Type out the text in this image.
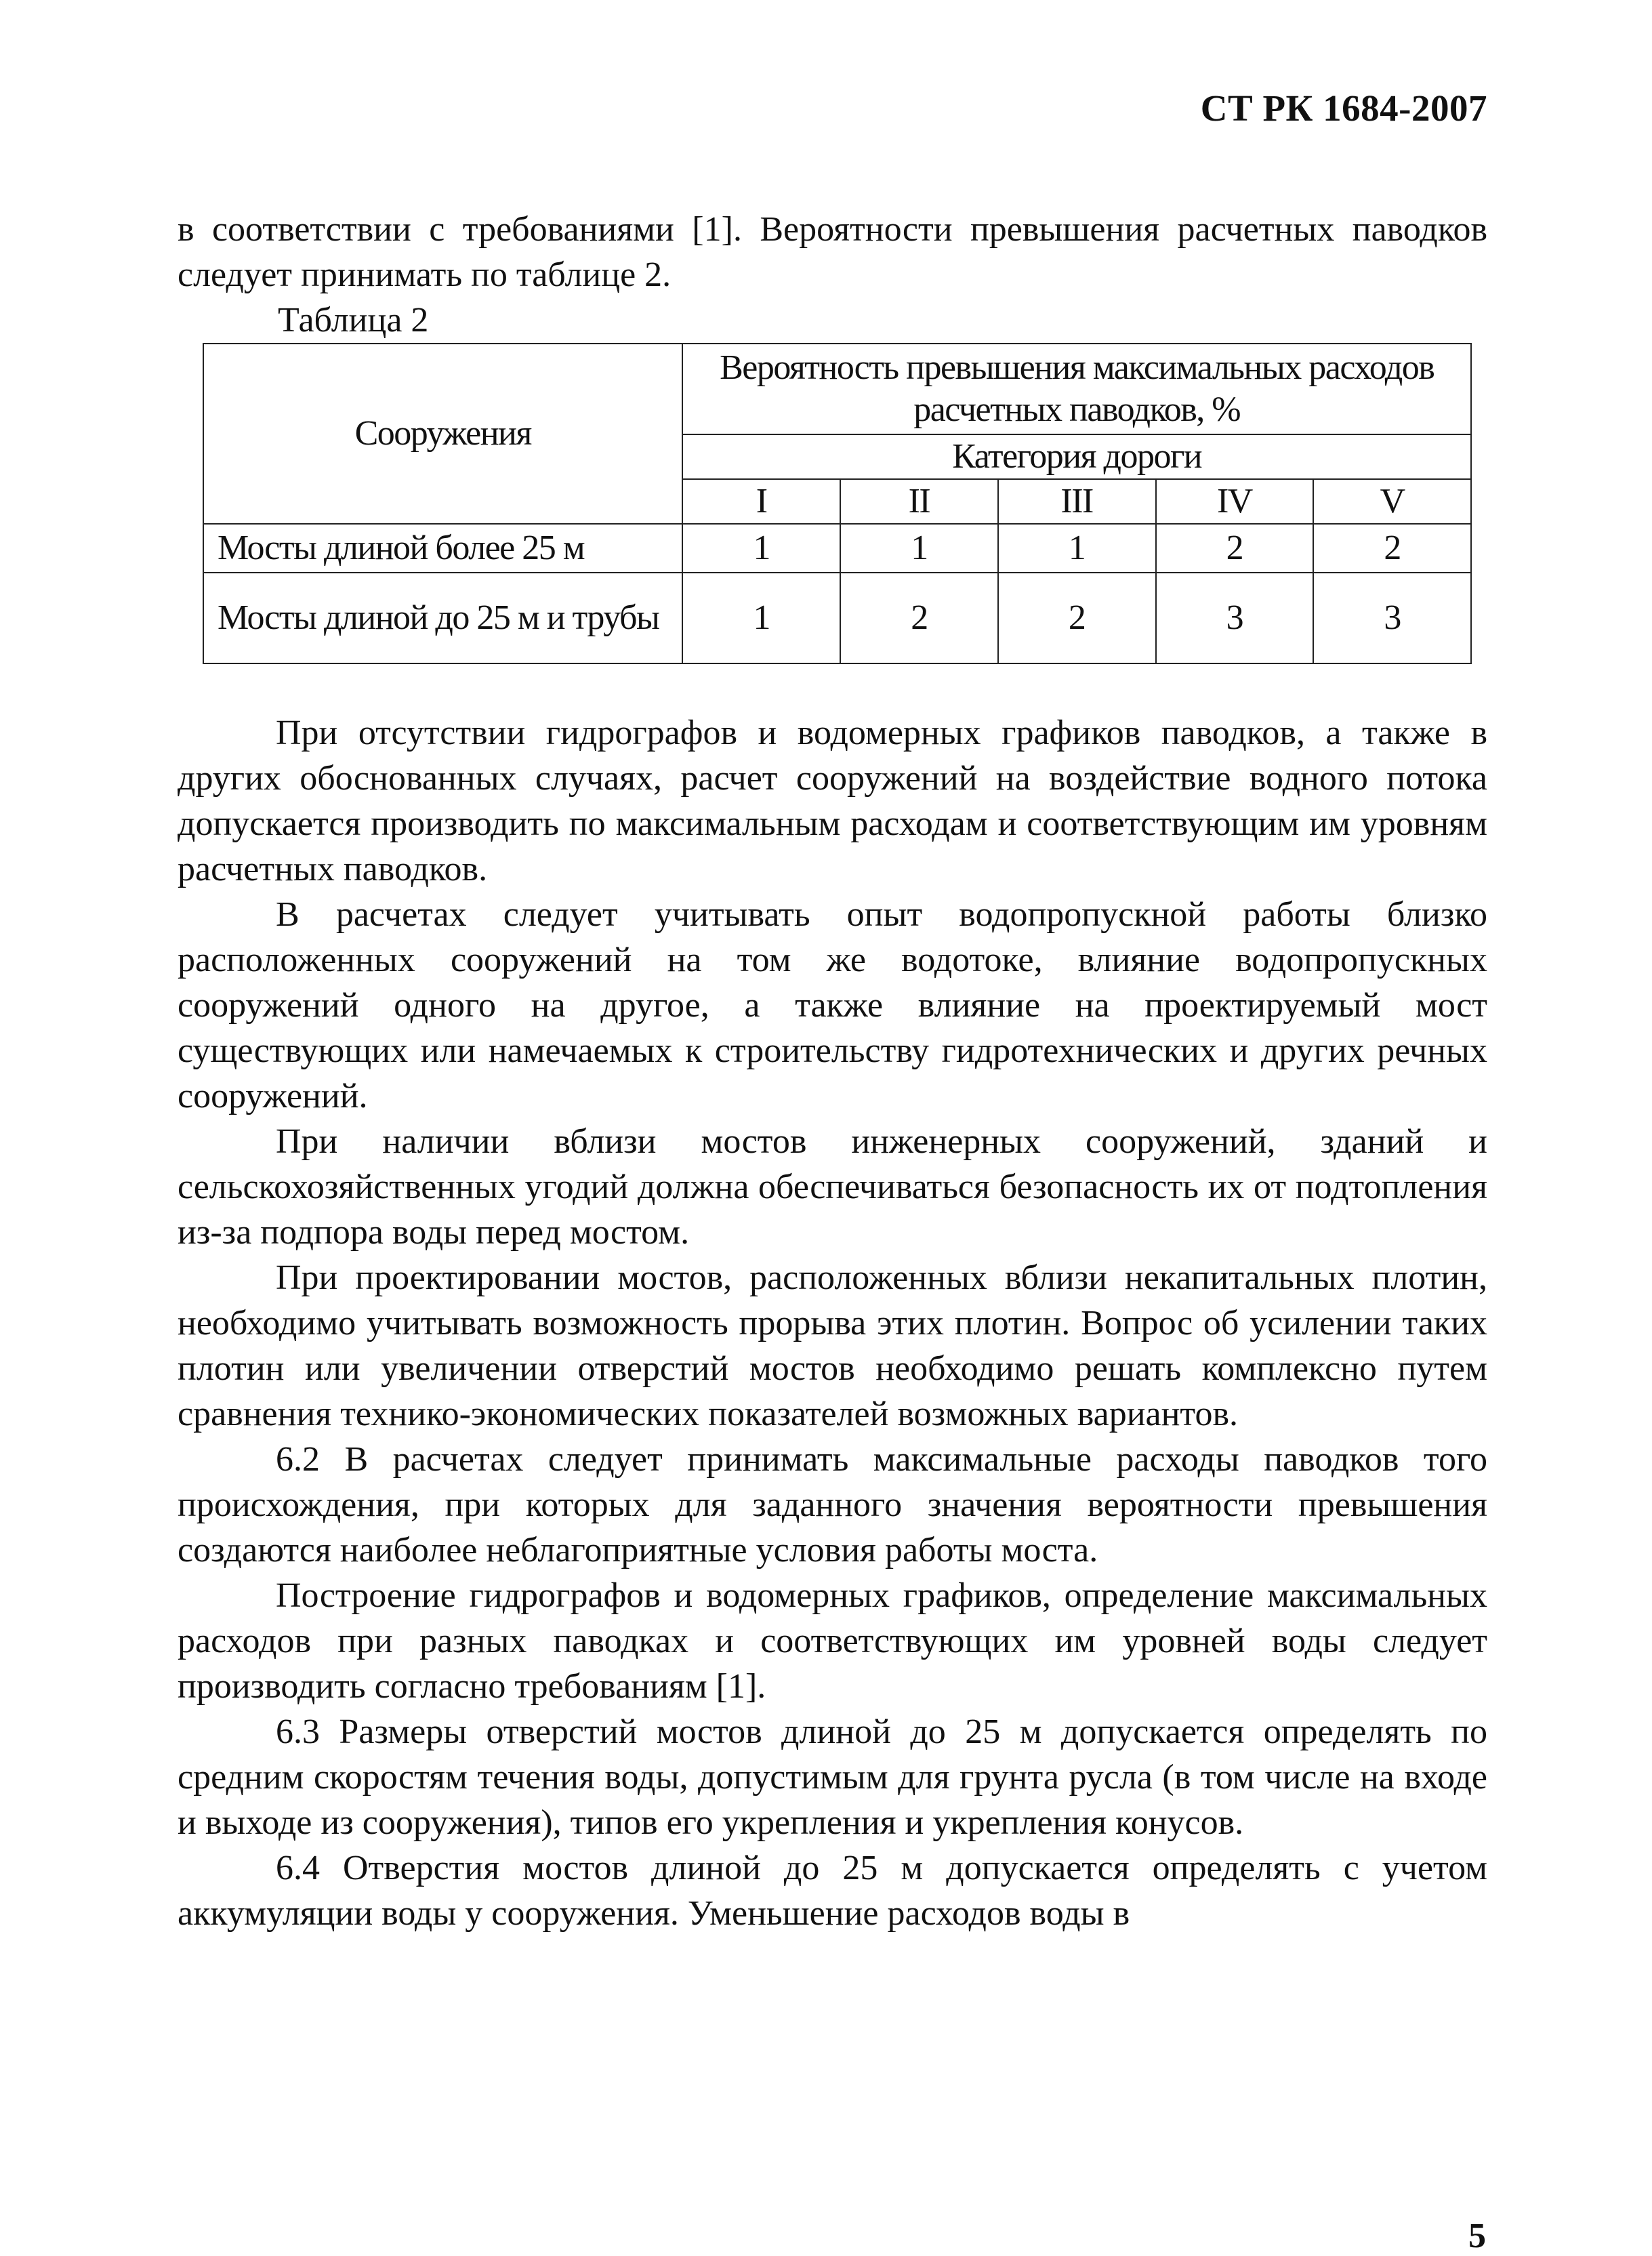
СТ РК 1684-2007

в соответствии с требованиями [1]. Вероятности превышения расчетных паводков следует принимать по таблице 2.

Таблица 2

Сооружения	Вероятность превышения максимальных расходов расчетных паводков, %				
	Категория дороги				
	I	II	III	IV	V
Мосты длиной более 25 м	1	1	1	2	2
Мосты длиной до 25 м и трубы	1	2	2	3	3

При отсутствии гидрографов и водомерных графиков паводков, а также в других обоснованных случаях, расчет сооружений на воздействие водного потока допускается производить по максимальным расходам и соответствующим им уровням расчетных паводков.

В расчетах следует учитывать опыт водопропускной работы близко расположенных сооружений на том же водотоке, влияние водопропускных сооружений одного на другое, а также влияние на проектируемый мост существующих или намечаемых к строительству гидротехнических и других речных сооружений.

При наличии вблизи мостов инженерных сооружений, зданий и сельскохозяйственных угодий должна обеспечиваться безопасность их от подтопления из-за подпора воды перед мостом.

При проектировании мостов, расположенных вблизи некапитальных плотин, необходимо учитывать возможность прорыва этих плотин. Вопрос об усилении таких плотин или увеличении отверстий мостов необходимо решать комплексно путем сравнения технико-экономических показателей возможных вариантов.

6.2 В расчетах следует принимать максимальные расходы паводков того происхождения, при которых для заданного значения вероятности превышения создаются наиболее неблагоприятные условия работы моста.

Построение гидрографов и водомерных графиков, определение максимальных расходов при разных паводках и соответствующих им уровней воды следует производить согласно требованиям [1].

6.3 Размеры отверстий мостов длиной до 25 м допускается определять по средним скоростям течения воды, допустимым для грунта русла (в том числе на входе и выходе из сооружения), типов его укрепления и укрепления конусов.

6.4 Отверстия мостов длиной до 25 м допускается определять с учетом аккумуляции воды у сооружения. Уменьшение расходов воды в

5
